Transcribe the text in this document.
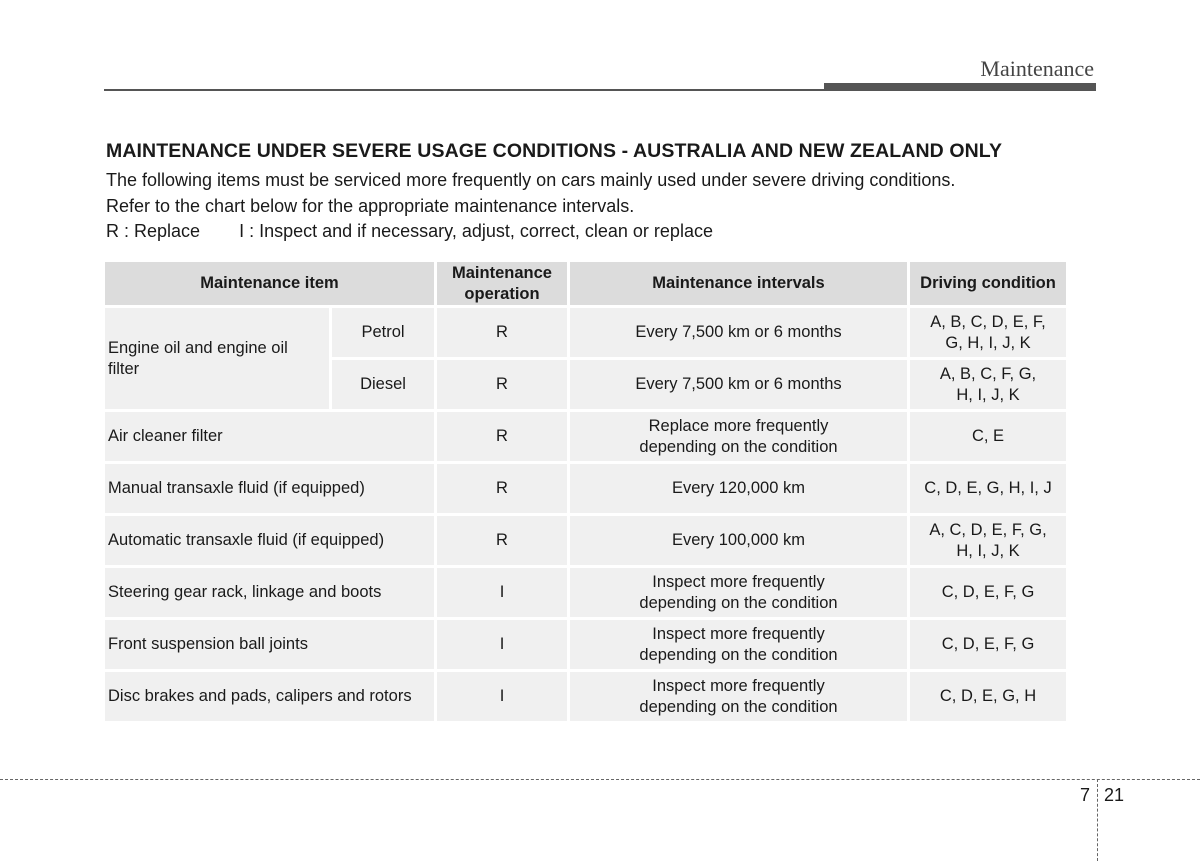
Maintenance
MAINTENANCE UNDER SEVERE USAGE CONDITIONS - AUSTRALIA AND NEW ZEALAND ONLY

The following items must be serviced more frequently on cars mainly used under severe driving conditions.

Refer to the chart below for the appropriate maintenance intervals.

R : Replace I : Inspect and if necessary, adjust, correct, clean or replace
Maintenance item		Maintenance operation	Maintenance intervals	Driving condition
Engine oil and engine oil filter	Petrol	R	Every 7,500 km or 6 months	A, B, C, D, E, F, G, H, I, J, K
	Diesel	R	Every 7,500 km or 6 months	A, B, C, F, G, H, I, J, K
Air cleaner filter		R	Replace more frequently depending on the condition	C, E
Manual transaxle fluid (if equipped)		R	Every 120,000 km	C, D, E, G, H, I, J
Automatic transaxle fluid (if equipped)		R	Every 100,000 km	A, C, D, E, F, G, H, I, J, K
Steering gear rack, linkage and boots		I	Inspect more frequently depending on the condition	C, D, E, F, G
Front suspension ball joints		I	Inspect more frequently depending on the condition	C, D, E, F, G
Disc brakes and pads, calipers and rotors		I	Inspect more frequently depending on the condition	C, D, E, G, H
7 21
